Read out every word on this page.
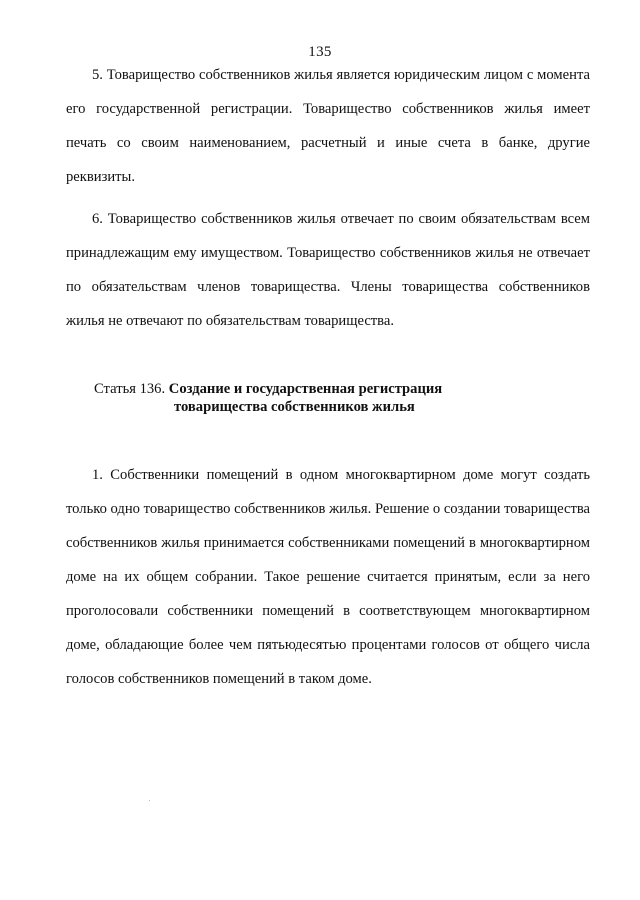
135

5. Товарищество собственников жилья является юридическим лицом с момента его государственной регистрации. Товарищество собственников жилья имеет печать со своим наименованием, расчетный и иные счета в банке, другие реквизиты.

6. Товарищество собственников жилья отвечает по своим обязательствам всем принадлежащим ему имуществом. Товарищество собственников жилья не отвечает по обязательствам членов товарищества. Члены товарищества собственников жилья не отвечают по обязательствам товарищества.

Статья 136. Создание и государственная регистрация
товарищества собственников жилья

1. Собственники помещений в одном многоквартирном доме могут создать только одно товарищество собственников жилья. Решение о создании товарищества собственников жилья принимается собственниками помещений в многоквартирном доме на их общем собрании. Такое решение считается принятым, если за него проголосовали собственники помещений в соответствующем многоквартирном доме, обладающие более чем пятьюдесятью процентами голосов от общего числа голосов собственников помещений в таком доме.
